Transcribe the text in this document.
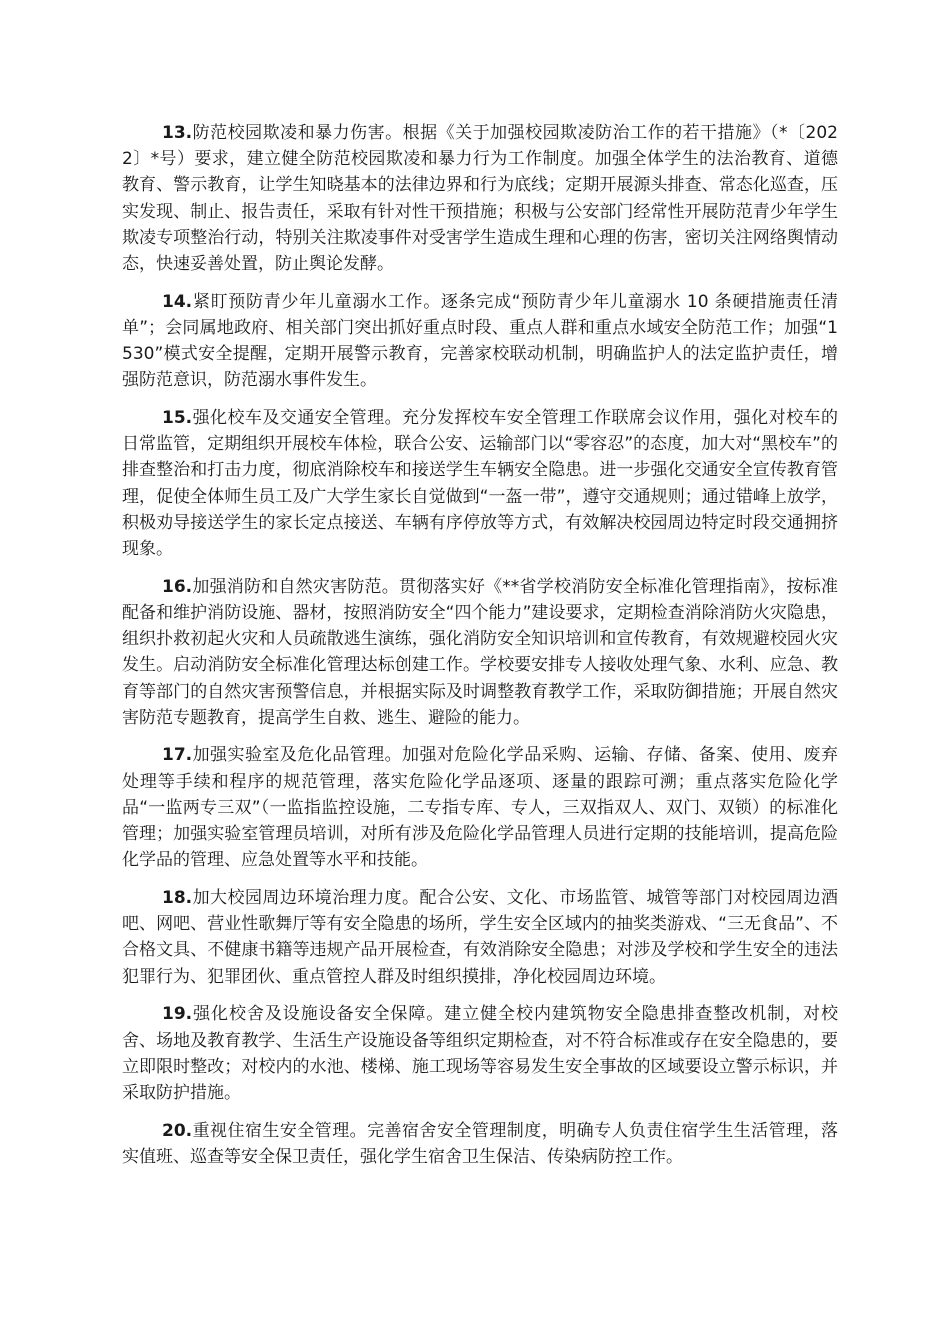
13.防范校园欺凌和暴力伤害。根据《关于加强校园欺凌防治工作的若干措施》（*〔2022〕*号）要求，建立健全防范校园欺凌和暴力行为工作制度。加强全体学生的法治教育、道德教育、警示教育，让学生知晓基本的法律边界和行为底线；定期开展源头排查、常态化巡查，压实发现、制止、报告责任，采取有针对性干预措施；积极与公安部门经常性开展防范青少年学生欺凌专项整治行动，特别关注欺凌事件对受害学生造成生理和心理的伤害，密切关注网络舆情动态，快速妥善处置，防止舆论发酵。

14.紧盯预防青少年儿童溺水工作。逐条完成“预防青少年儿童溺水 10 条硬措施责任清单”；会同属地政府、相关部门突出抓好重点时段、重点人群和重点水域安全防范工作；加强“1530”模式安全提醒，定期开展警示教育，完善家校联动机制，明确监护人的法定监护责任，增强防范意识，防范溺水事件发生。

15.强化校车及交通安全管理。充分发挥校车安全管理工作联席会议作用，强化对校车的日常监管，定期组织开展校车体检，联合公安、运输部门以“零容忍”的态度，加大对“黑校车”的排查整治和打击力度，彻底消除校车和接送学生车辆安全隐患。进一步强化交通安全宣传教育管理，促使全体师生员工及广大学生家长自觉做到“一盔一带”，遵守交通规则；通过错峰上放学，积极劝导接送学生的家长定点接送、车辆有序停放等方式，有效解决校园周边特定时段交通拥挤现象。

16.加强消防和自然灾害防范。贯彻落实好《**省学校消防安全标准化管理指南》，按标准配备和维护消防设施、器材，按照消防安全“四个能力”建设要求，定期检查消除消防火灾隐患，组织扑救初起火灾和人员疏散逃生演练，强化消防安全知识培训和宣传教育，有效规避校园火灾发生。启动消防安全标准化管理达标创建工作。学校要安排专人接收处理气象、水利、应急、教育等部门的自然灾害预警信息，并根据实际及时调整教育教学工作，采取防御措施；开展自然灾害防范专题教育，提高学生自救、逃生、避险的能力。

17.加强实验室及危化品管理。加强对危险化学品采购、运输、存储、备案、使用、废弃处理等手续和程序的规范管理，落实危险化学品逐项、逐量的跟踪可溯；重点落实危险化学品“一监两专三双”（一监指监控设施，二专指专库、专人，三双指双人、双门、双锁）的标准化管理；加强实验室管理员培训，对所有涉及危险化学品管理人员进行定期的技能培训，提高危险化学品的管理、应急处置等水平和技能。

18.加大校园周边环境治理力度。配合公安、文化、市场监管、城管等部门对校园周边酒吧、网吧、营业性歌舞厅等有安全隐患的场所，学生安全区域内的抽奖类游戏、“三无食品”、不合格文具、不健康书籍等违规产品开展检查，有效消除安全隐患；对涉及学校和学生安全的违法犯罪行为、犯罪团伙、重点管控人群及时组织摸排，净化校园周边环境。

19.强化校舍及设施设备安全保障。建立健全校内建筑物安全隐患排查整改机制，对校舍、场地及教育教学、生活生产设施设备等组织定期检查，对不符合标准或存在安全隐患的，要立即限时整改；对校内的水池、楼梯、施工现场等容易发生安全事故的区域要设立警示标识，并采取防护措施。

20.重视住宿生安全管理。完善宿舍安全管理制度，明确专人负责住宿学生生活管理，落实值班、巡查等安全保卫责任，强化学生宿舍卫生保洁、传染病防控工作。
